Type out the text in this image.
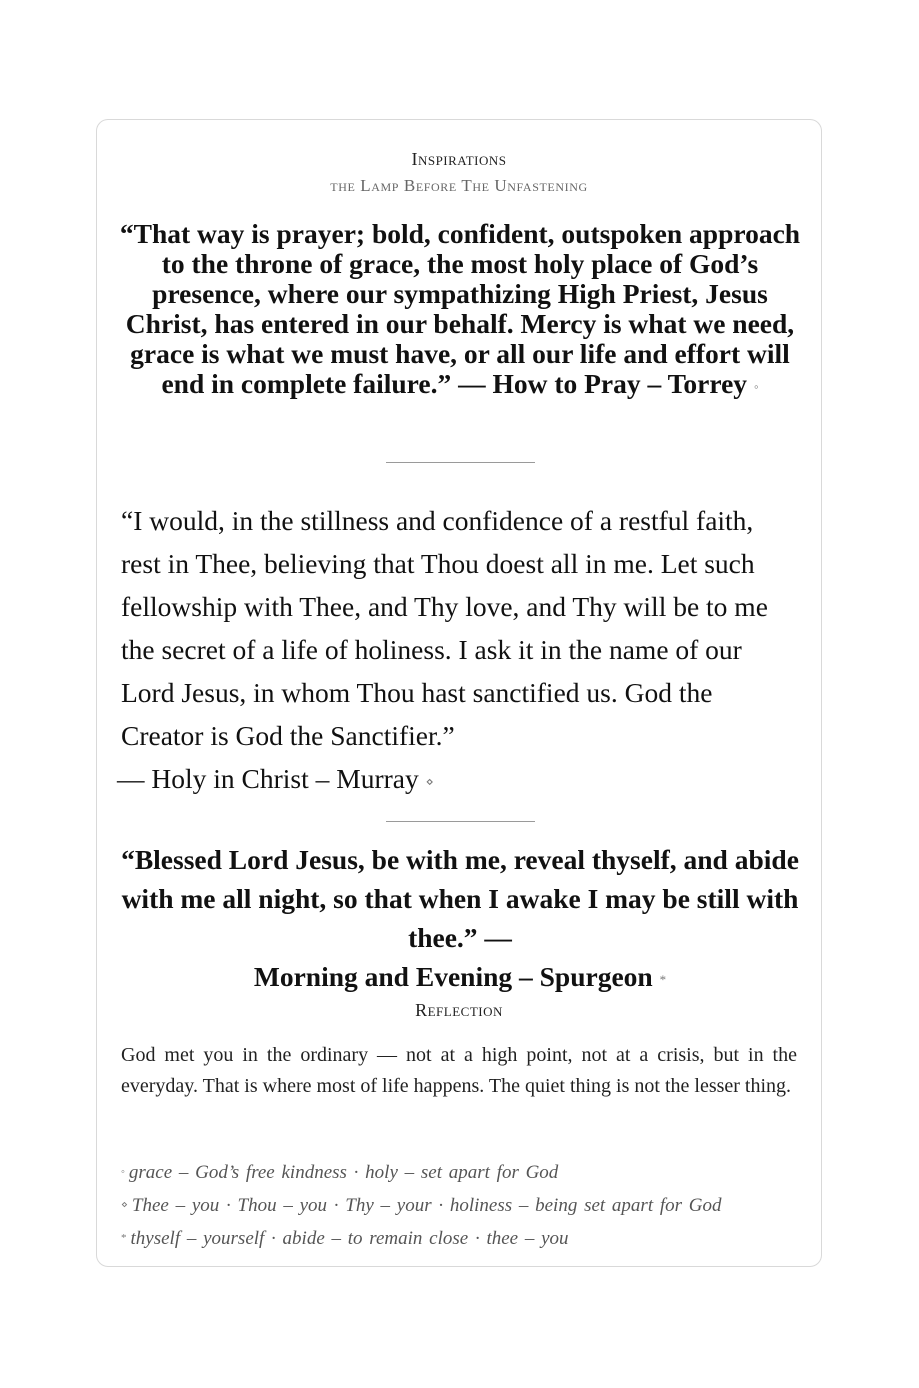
Inspirations
the Lamp Before The Unfastening
“That way is prayer; bold, confident, outspoken approach to the throne of grace, the most holy place of God’s presence, where our sympathizing High Priest, Jesus Christ, has entered in our behalf. Mercy is what we need, grace is what we must have, or all our life and effort will end in complete failure.” — How to Pray – Torrey ◦
“I would, in the stillness and confidence of a restful faith, rest in Thee, believing that Thou doest all in me. Let such fellowship with Thee, and Thy love, and Thy will be to me the secret of a life of holiness. I ask it in the name of our Lord Jesus, in whom Thou hast sanctified us. God the Creator is God the Sanctifier.”
— Holy in Christ – Murray ⋄
“Blessed Lord Jesus, be with me, reveal thyself, and abide with me all night, so that when I awake I may be still with thee.” —
Morning and Evening – Spurgeon *
Reflection
God met you in the ordinary — not at a high point, not at a crisis, but in the everyday. That is where most of life happens. The quiet thing is not the lesser thing.
◦ grace – God’s free kindness · holy – set apart for God
⋄ Thee – you · Thou – you · Thy – your · holiness – being set apart for God
* thyself – yourself · abide – to remain close · thee – you
